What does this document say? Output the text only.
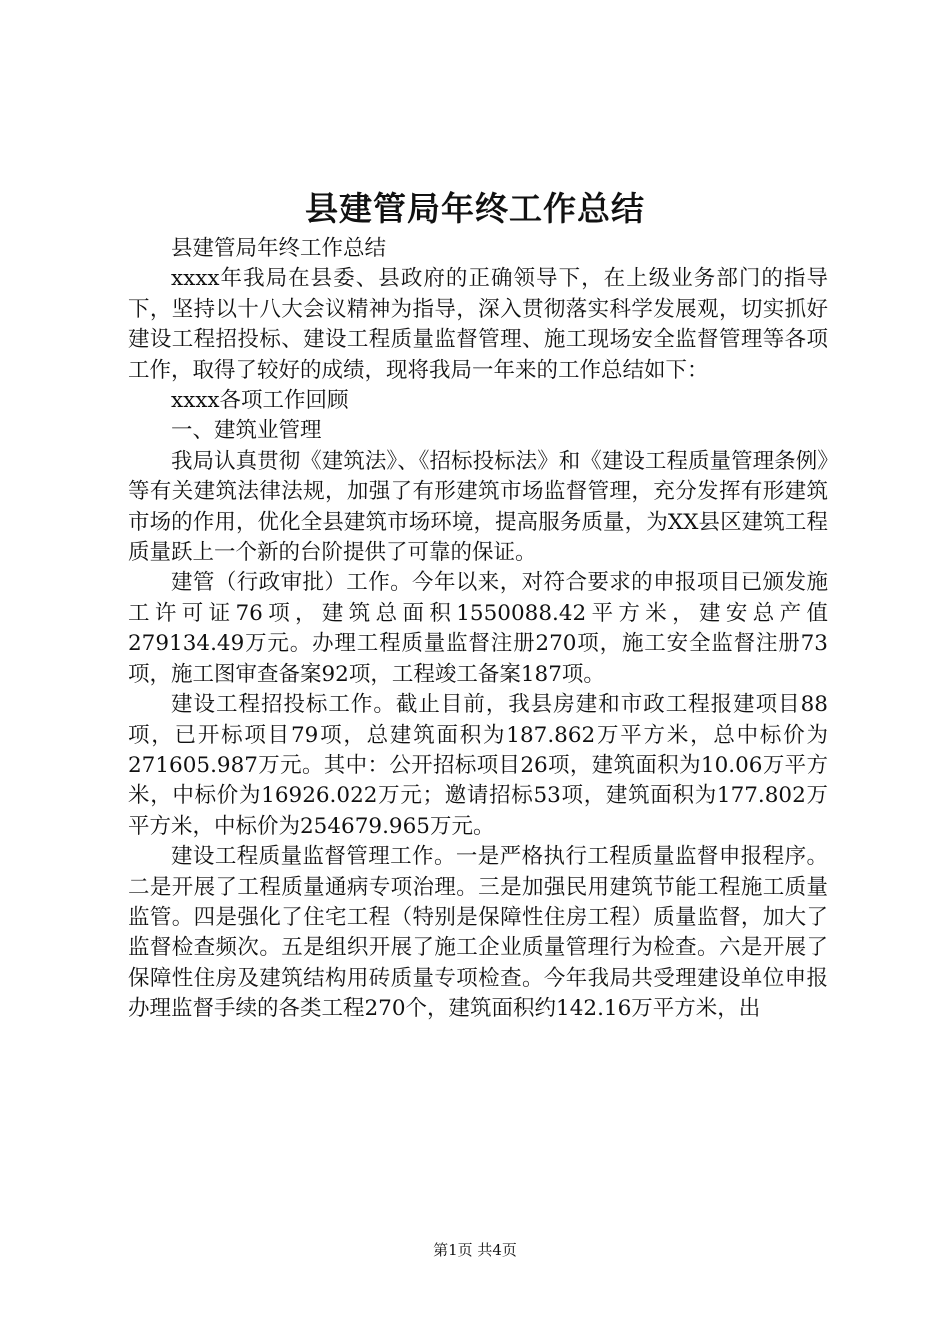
县建管局年终工作总结

县建管局年终工作总结

xxxx年我局在县委、县政府的正确领导下，在上级业务部门的指导下，坚持以十八大会议精神为指导，深入贯彻落实科学发展观，切实抓好建设工程招投标、建设工程质量监督管理、施工现场安全监督管理等各项工作，取得了较好的成绩，现将我局一年来的工作总结如下：

xxxx各项工作回顾

一、建筑业管理

我局认真贯彻《建筑法》、《招标投标法》和《建设工程质量管理条例》等有关建筑法律法规，加强了有形建筑市场监督管理，充分发挥有形建筑市场的作用，优化全县建筑市场环境，提高服务质量，为XX县区建筑工程质量跃上一个新的台阶提供了可靠的保证。

建管（行政审批）工作。今年以来，对符合要求的申报项目已颁发施工许可证76项，建筑总面积1550088.42平方米，建安总产值279134.49万元。办理工程质量监督注册270项，施工安全监督注册73项，施工图审查备案92项，工程竣工备案187项。

建设工程招投标工作。截止目前，我县房建和市政工程报建项目88项，已开标项目79项，总建筑面积为187.862万平方米，总中标价为271605.987万元。其中：公开招标项目26项，建筑面积为10.06万平方米，中标价为16926.022万元；邀请招标53项，建筑面积为177.802万平方米，中标价为254679.965万元。

建设工程质量监督管理工作。一是严格执行工程质量监督申报程序。二是开展了工程质量通病专项治理。三是加强民用建筑节能工程施工质量监管。四是强化了住宅工程（特别是保障性住房工程）质量监督，加大了监督检查频次。五是组织开展了施工企业质量管理行为检查。六是开展了保障性住房及建筑结构用砖质量专项检查。今年我局共受理建设单位申报办理监督手续的各类工程270个，建筑面积约142.16万平方米，出

第1页 共4页
